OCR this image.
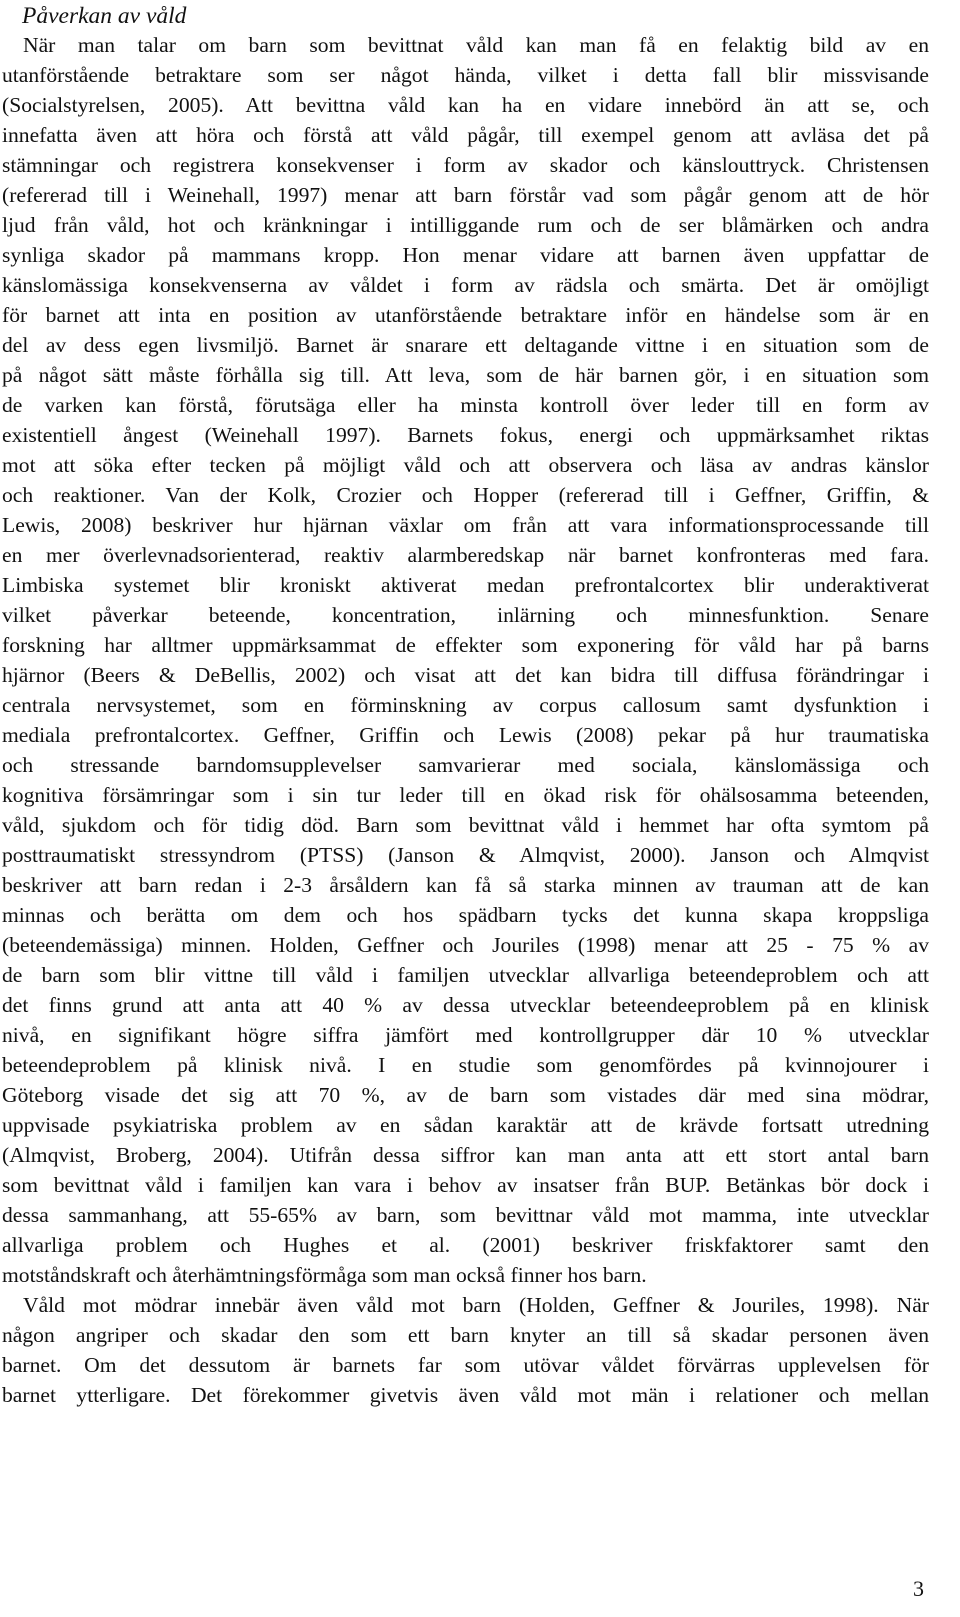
Påverkan av våld
När man talar om barn som bevittnat våld kan man få en felaktig bild av en
utanförstående betraktare som ser något hända, vilket i detta fall blir missvisande
(Socialstyrelsen, 2005). Att bevittna våld kan ha en vidare innebörd än att se, och
innefatta även att höra och förstå att våld pågår, till exempel genom att avläsa det på
stämningar och registrera konsekvenser i form av skador och känslouttryck. Christensen
(refererad till i Weinehall, 1997) menar att barn förstår vad som pågår genom att de hör
ljud från våld, hot och kränkningar i intilliggande rum och de ser blåmärken och andra
synliga skador på mammans kropp. Hon menar vidare att barnen även uppfattar de
känslomässiga konsekvenserna av våldet i form av rädsla och smärta. Det är omöjligt
för barnet att inta en position av utanförstående betraktare inför en händelse som är en
del av dess egen livsmiljö. Barnet är snarare ett deltagande vittne i en situation som de
på något sätt måste förhålla sig till. Att leva, som de här barnen gör, i en situation som
de varken kan förstå, förutsäga eller ha minsta kontroll över leder till en form av
existentiell ångest (Weinehall 1997). Barnets fokus, energi och uppmärksamhet riktas
mot att söka efter tecken på möjligt våld och att observera och läsa av andras känslor
och reaktioner. Van der Kolk, Crozier och Hopper (refererad till i Geffner, Griffin, &
Lewis, 2008) beskriver hur hjärnan växlar om från att vara informationsprocessande till
en mer överlevnadsorienterad, reaktiv alarmberedskap när barnet konfronteras med fara.
Limbiska systemet blir kroniskt aktiverat medan prefrontalcortex blir underaktiverat
vilket påverkar beteende, koncentration, inlärning och minnesfunktion. Senare
forskning har alltmer uppmärksammat de effekter som exponering för våld har på barns
hjärnor (Beers & DeBellis, 2002) och visat att det kan bidra till diffusa förändringar i
centrala nervsystemet, som en förminskning av corpus callosum samt dysfunktion i
mediala prefrontalcortex. Geffner, Griffin och Lewis (2008) pekar på hur traumatiska
och stressande barndomsupplevelser samvarierar med sociala, känslomässiga och
kognitiva försämringar som i sin tur leder till en ökad risk för ohälsosamma beteenden,
våld, sjukdom och för tidig död. Barn som bevittnat våld i hemmet har ofta symtom på
posttraumatiskt stressyndrom (PTSS) (Janson & Almqvist, 2000). Janson och Almqvist
beskriver att barn redan i 2-3 årsåldern kan få så starka minnen av trauman att de kan
minnas och berätta om dem och hos spädbarn tycks det kunna skapa kroppsliga
(beteendemässiga) minnen. Holden, Geffner och Jouriles (1998) menar att 25 - 75 % av
de barn som blir vittne till våld i familjen utvecklar allvarliga beteendeproblem och att
det finns grund att anta att 40 % av dessa utvecklar beteendeeproblem på en klinisk
nivå, en signifikant högre siffra jämfört med kontrollgrupper där 10 % utvecklar
beteendeproblem på klinisk nivå. I en studie som genomfördes på kvinnojourer i
Göteborg visade det sig att 70 %, av de barn som vistades där med sina mödrar,
uppvisade psykiatriska problem av en sådan karaktär att de krävde fortsatt utredning
(Almqvist, Broberg, 2004). Utifrån dessa siffror kan man anta att ett stort antal barn
som bevittnat våld i familjen kan vara i behov av insatser från BUP. Betänkas bör dock i
dessa sammanhang, att 55-65% av barn, som bevittnar våld mot mamma, inte utvecklar
allvarliga problem och Hughes et al. (2001) beskriver friskfaktorer samt den
motståndskraft och återhämtningsförmåga som man också finner hos barn.
Våld mot mödrar innebär även våld mot barn (Holden, Geffner & Jouriles, 1998). När
någon angriper och skadar den som ett barn knyter an till så skadar personen även
barnet. Om det dessutom är barnets far som utövar våldet förvärras upplevelsen för
barnet ytterligare. Det förekommer givetvis även våld mot män i relationer och mellan
3
